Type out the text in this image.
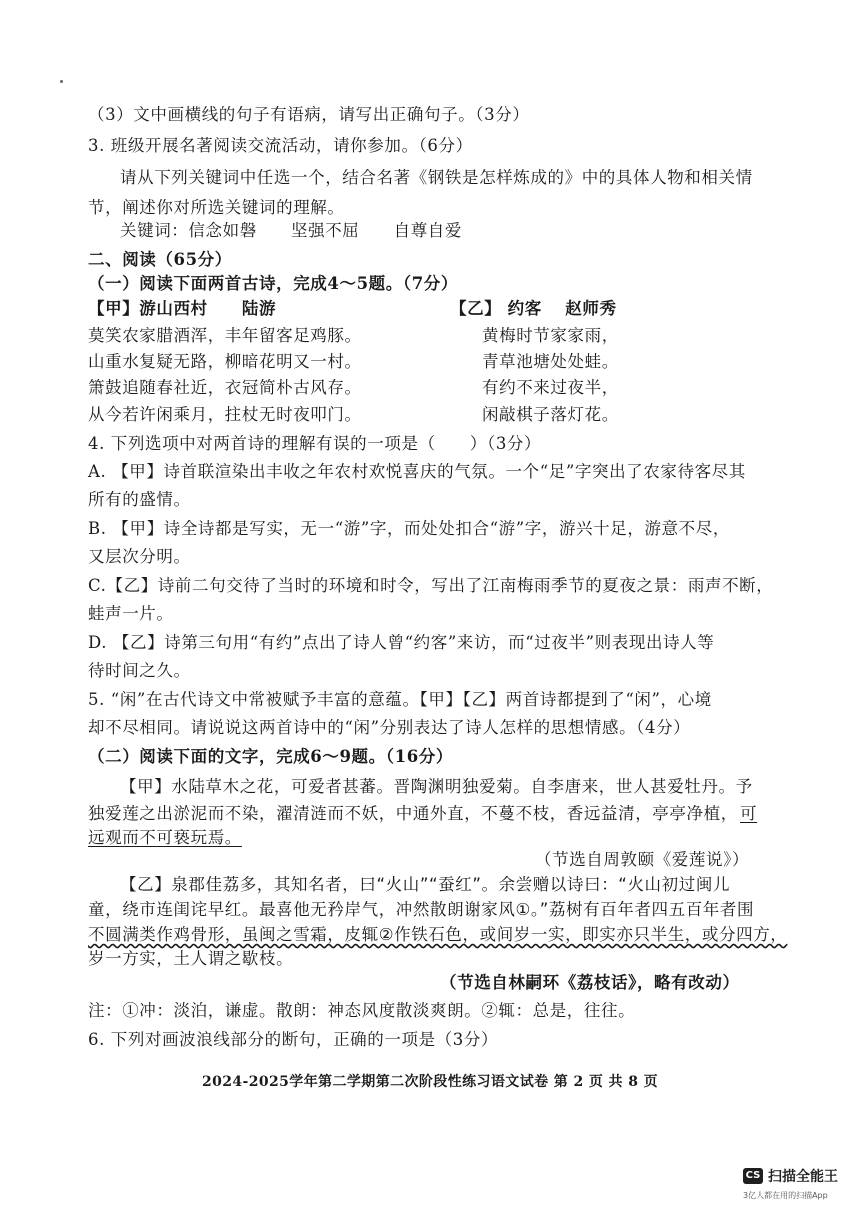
（3）文中画横线的句子有语病，请写出正确句子。（3分）
3. 班级开展名著阅读交流活动，请你参加。（6分）
请从下列关键词中任选一个，结合名著《钢铁是怎样炼成的》中的具体人物和相关情
节，阐述你对所选关键词的理解。
关键词：信念如磐　　坚强不屈　　自尊自爱
二、阅读（65分）
（一）阅读下面两首古诗，完成4～5题。（7分）
【甲】游山西村　　陆游
莫笑农家腊酒浑，丰年留客足鸡豚。
山重水复疑无路，柳暗花明又一村。
箫鼓追随春社近，衣冠简朴古风存。
从今若许闲乘月，拄杖无时夜叩门。
【乙】 约客　 赵师秀
黄梅时节家家雨，
青草池塘处处蛙。
有约不来过夜半，
闲敲棋子落灯花。
4. 下列选项中对两首诗的理解有误的一项是（　　）（3分）
A. 【甲】诗首联渲染出丰收之年农村欢悦喜庆的气氛。一个“足”字突出了农家待客尽其
所有的盛情。
B. 【甲】诗全诗都是写实，无一“游”字，而处处扣合“游”字，游兴十足，游意不尽，
又层次分明。
C.【乙】诗前二句交待了当时的环境和时令，写出了江南梅雨季节的夏夜之景：雨声不断，
蛙声一片。
D. 【乙】诗第三句用“有约”点出了诗人曾“约客”来访，而“过夜半”则表现出诗人等
待时间之久。
5. “闲”在古代诗文中常被赋予丰富的意蕴。【甲】【乙】两首诗都提到了“闲”，心境
却不尽相同。请说说这两首诗中的“闲”分别表达了诗人怎样的思想情感。（4分）
（二）阅读下面的文字，完成6～9题。（16分）
【甲】水陆草木之花，可爱者甚蕃。晋陶渊明独爱菊。自李唐来，世人甚爱牡丹。予
独爱莲之出淤泥而不染，濯清涟而不妖，中通外直，不蔓不枝，香远益清，亭亭净植， 可
远观而不可亵玩焉。
（节选自周敦颐《爱莲说》）
【乙】泉郡佳荔多，其知名者，曰“火山”“蚕红”。余尝赠以诗曰：“火山初过闽儿
童，绕市连闺诧早红。最喜他无矜岸气，冲然散朗谢家风①。”荔树有百年者四五百年者围
不圆满类作鸡骨形，虽闽之雪霜，皮辄②作铁石色，或间岁一实，即实亦只半生，或分四方，
岁一方实，土人谓之歇枝。
（节选自林嗣环《荔枝话》，略有改动）
注：①冲：淡泊，谦虚。散朗：神态风度散淡爽朗。②辄：总是，往往。
6. 下列对画波浪线部分的断句，正确的一项是（3分）
2024-2025学年第二学期第二次阶段性练习语文试卷 第 2 页 共 8 页
CS 扫描全能王
3亿人都在用的扫描App
